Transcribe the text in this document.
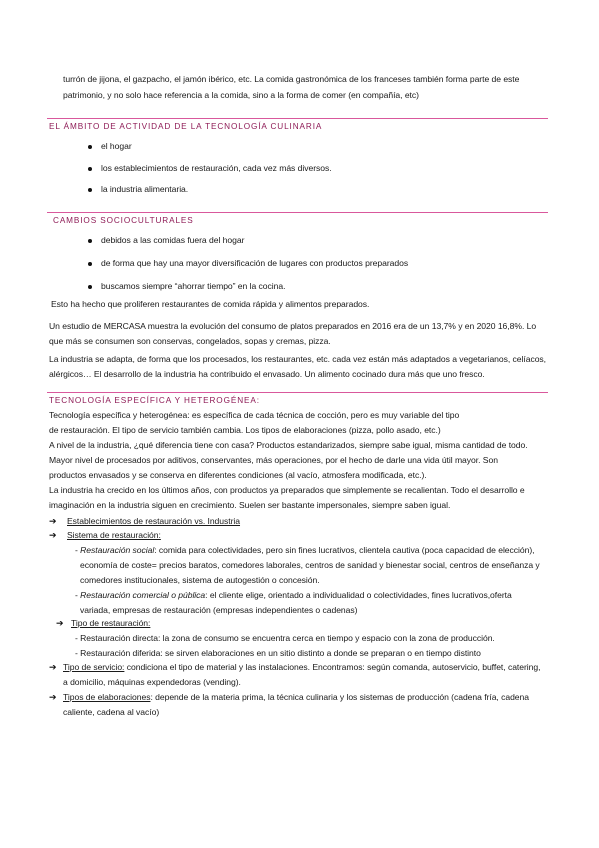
turrón de jijona, el gazpacho, el jamón ibérico, etc. La comida gastronómica de los franceses también forma parte de este
patrimonio, y no solo hace referencia a la comida, sino a la forma de comer (en compañía, etc)
EL ÁMBITO DE ACTIVIDAD DE LA TECNOLOGÍA CULINARIA
el hogar
los establecimientos de restauración, cada vez más diversos.
la industria alimentaria.
CAMBIOS SOCIOCULTURALES
debidos a las comidas fuera del hogar
de forma que hay una mayor diversificación de lugares con productos preparados
buscamos siempre “ahorrar tiempo” en la cocina.
Esto ha hecho que proliferen restaurantes de comida rápida y alimentos preparados.
Un estudio de MERCASA muestra la evolución del consumo de platos preparados en 2016 era de un 13,7% y en 2020 16,8%. Lo
que más se consumen son conservas, congelados, sopas y cremas, pizza.
La industria se adapta, de forma que los procesados, los restaurantes, etc. cada vez están más adaptados a vegetarianos, celíacos,
alérgicos… El desarrollo de la industria ha contribuido el envasado. Un alimento cocinado dura más que uno fresco.
TECNOLOGÍA ESPECÍFICA Y HETEROGÉNEA:
Tecnología específica y heterogénea: es específica de cada técnica de cocción, pero es muy variable del tipo
de restauración. El tipo de servicio también cambia. Los tipos de elaboraciones (pizza, pollo asado, etc.)
A nivel de la industria, ¿qué diferencia tiene con casa? Productos estandarizados, siempre sabe igual, misma cantidad de todo.
Mayor nivel de procesados por aditivos, conservantes, más operaciones, por el hecho de darle una vida útil mayor. Son
productos envasados y se conserva en diferentes condiciones (al vacío, atmosfera modificada, etc.).
La industria ha crecido en los últimos años, con productos ya preparados que simplemente se recalientan. Todo el desarrollo e
imaginación en la industria siguen en crecimiento. Suelen ser bastante impersonales, siempre saben igual.
➔ Establecimientos de restauración vs. Industria
➔ Sistema de restauración:
- Restauración social: comida para colectividades, pero sin fines lucrativos, clientela cautiva (poca capacidad de elección),
economía de coste= precios baratos, comedores laborales, centros de sanidad y bienestar social, centros de enseñanza y
comedores institucionales, sistema de autogestión o concesión.
- Restauración comercial o pública: el cliente elige, orientado a individualidad o colectividades, fines lucrativos,oferta
variada, empresas de restauración (empresas independientes o cadenas)
➔ Tipo de restauración:
- Restauración directa: la zona de consumo se encuentra cerca en tiempo y espacio con la zona de producción.
- Restauración diferida: se sirven elaboraciones en un sitio distinto a donde se preparan o en tiempo distinto
➔ Tipo de servicio: condiciona el tipo de material y las instalaciones. Encontramos: según comanda, autoservicio, buffet, catering,
a domicilio, máquinas expendedoras (vending).
➔ Tipos de elaboraciones: depende de la materia prima, la técnica culinaria y los sistemas de producción (cadena fría, cadena
caliente, cadena al vacío)
